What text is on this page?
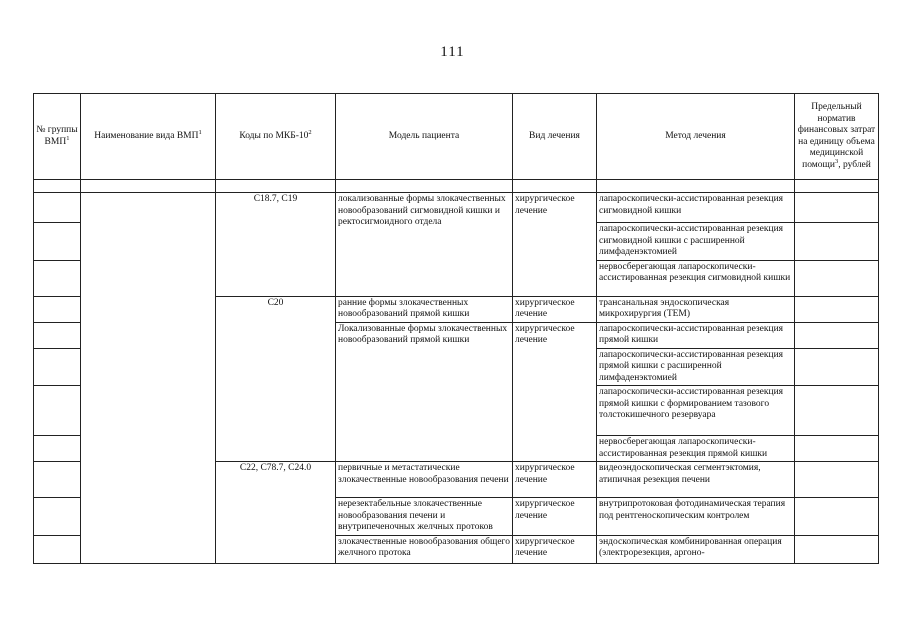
111
№ группы ВМП$^1$	Наименование вида ВМП$^1$	Коды по МКБ-$10^2$	Модель пациента	Вид лечения	Метод лечения	Предельный норматив финансовых затрат на единицу объема медицинской помощи$^3$, рублей

		C18.7, C19	локализованные формы злокачественных новообразований сигмовидной кишки и ректосигмоидного отдела	хирургическое лечение	лапароскопически-ассистированная резекция сигмовидной кишки	
					лапароскопически-ассистированная резекция сигмовидной кишки с расширенной лимфаденэктомией	
					нервосберегающая лапароскопически-ассистированная резекция сигмовидной кишки	
		C20	ранние формы злокачественных новообразований прямой кишки	хирургическое лечение	трансанальная эндоскопическая микрохирургия (ТЕМ)	
			Локализованные формы злокачественных новообразований прямой кишки	хирургическое лечение	лапароскопически-ассистированная резекция прямой кишки	
					лапароскопически-ассистированная резекция прямой кишки с расширенной лимфаденэктомией	
					лапароскопически-ассистированная резекция прямой кишки с формированием тазового толстокишечного резервуара	
					нервосберегающая лапароскопически-ассистированная резекция прямой кишки	
		C22, C78.7, C24.0	первичные и метастатические злокачественные новообразования печени	хирургическое лечение	видеоэндоскопическая сегментэктомия, атипичная резекция печени	
			нерезектабельные злокачественные новообразования печени и внутрипеченочных желчных протоков	хирургическое лечение	внутрипротоковая фотодинамическая терапия под рентгеноскопическим контролем	
			злокачественные новообразования общего желчного протока	хирургическое лечение	эндоскопическая комбинированная операция (электрорезекция, аргоно-	
